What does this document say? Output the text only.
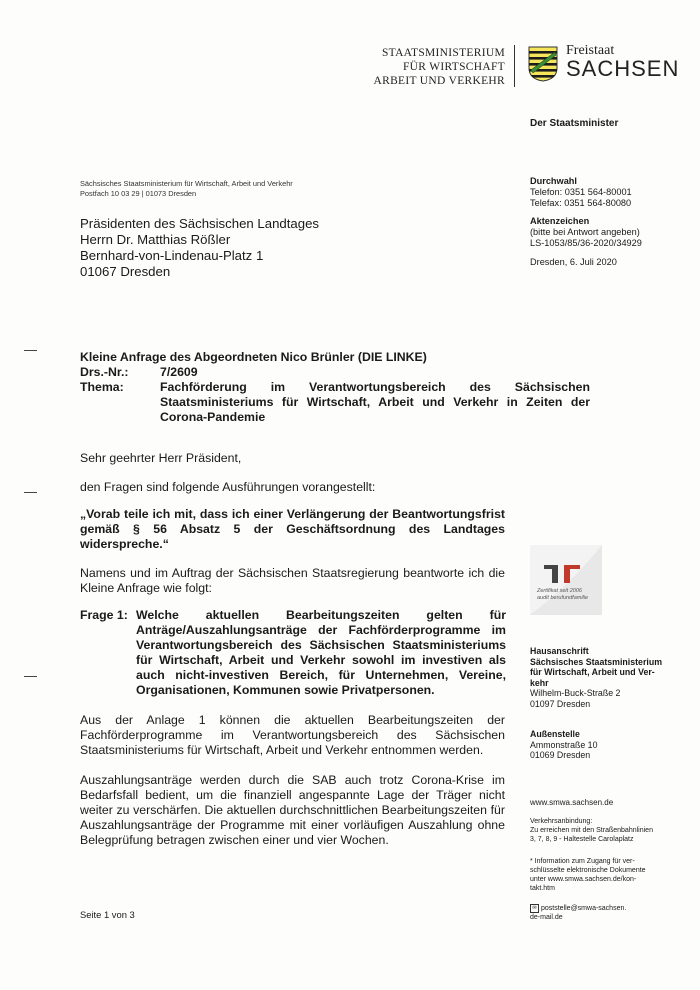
STAATSMINISTERIUM
FÜR WIRTSCHAFT
ARBEIT UND VERKEHR
Freistaat
SACHSEN
Der Staatsminister
Sächsisches Staatsministerium für Wirtschaft, Arbeit und Verkehr
Postfach 10 03 29 | 01073 Dresden
Präsidenten des Sächsischen Landtages
Herrn Dr. Matthias Rößler
Bernhard-von-Lindenau-Platz 1
01067 Dresden
Durchwahl
Telefon: 0351 564-80001
Telefax: 0351 564-80080
Aktenzeichen
(bitte bei Antwort angeben)
LS-1053/85/36-2020/34929
Dresden, 6. Juli 2020
Kleine Anfrage des Abgeordneten Nico Brünler (DIE LINKE)
Drs.-Nr.:	7/2609
Thema:	Fachförderung im Verantwortungsbereich des Sächsischen Staatsministeriums für Wirtschaft, Arbeit und Verkehr in Zeiten der Corona-Pandemie
Sehr geehrter Herr Präsident,
den Fragen sind folgende Ausführungen vorangestellt:
„Vorab teile ich mit, dass ich einer Verlängerung der Beantwortungsfrist gemäß § 56 Absatz 5 der Geschäftsordnung des Landtages widerspreche.“
Namens und im Auftrag der Sächsischen Staatsregierung beantworte ich die Kleine Anfrage wie folgt:
Frage 1: Welche aktuellen Bearbeitungszeiten gelten für Anträge/Auszahlungsanträge der Fachförderprogramme im Verantwortungsbereich des Sächsischen Staatsministeriums für Wirtschaft, Arbeit und Verkehr sowohl im investiven als auch nicht-investiven Bereich, für Unternehmen, Vereine, Organisationen, Kommunen sowie Privatpersonen.
Aus der Anlage 1 können die aktuellen Bearbeitungszeiten der Fachförderprogramme im Verantwortungsbereich des Sächsischen Staatsministeriums für Wirtschaft, Arbeit und Verkehr entnommen werden.
Auszahlungsanträge werden durch die SAB auch trotz Corona-Krise im Bedarfsfall bedient, um die finanziell angespannte Lage der Träger nicht weiter zu verschärfen. Die aktuellen durchschnittlichen Bearbeitungszeiten für Auszahlungsanträge der Programme mit einer vorläufigen Auszahlung ohne Belegprüfung betragen zwischen einer und vier Wochen.
Seite 1 von 3
Zertifikat seit 2006
audit berufundfamilie
Hausanschrift
Sächsisches Staatsministerium
für Wirtschaft, Arbeit und Ver-
kehr
Wilhelm-Buck-Straße 2
01097 Dresden
Außenstelle
Ammonstraße 10
01069 Dresden
www.smwa.sachsen.de
Verkehrsanbindung:
Zu erreichen mit den Straßenbahnlinien
3, 7, 8, 9 - Haltestelle Carolaplatz
* Information zum Zugang für ver-
schlüsselte elektronische Dokumente
unter www.smwa.sachsen.de/kon-
takt.htm
✉ poststelle@smwa-sachsen.
de-mail.de
